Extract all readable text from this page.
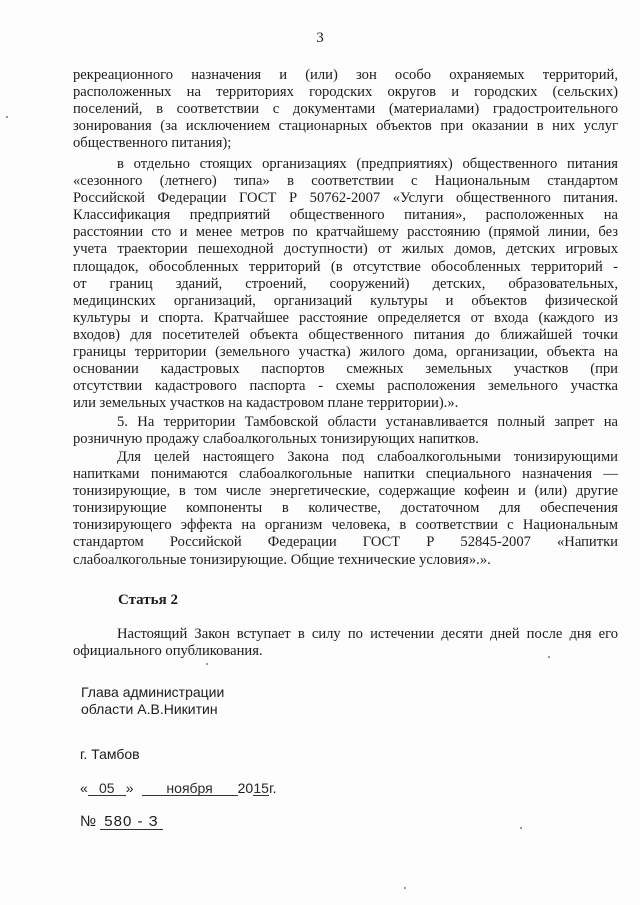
3
рекреационного назначения и (или) зон особо охраняемых территорий,
расположенных на территориях городских округов и городских (сельских)
поселений, в соответствии с документами (материалами) градостроительного
зонирования (за исключением стационарных объектов при оказании в них услуг
общественного питания);
в отдельно стоящих организациях (предприятиях) общественного питания
«сезонного (летнего) типа» в соответствии с Национальным стандартом
Российской Федерации ГОСТ Р 50762-2007 «Услуги общественного питания.
Классификация предприятий общественного питания», расположенных на
расстоянии сто и менее метров по кратчайшему расстоянию (прямой линии, без
учета траектории пешеходной доступности) от жилых домов, детских игровых
площадок, обособленных территорий (в отсутствие обособленных территорий -
от границ зданий, строений, сооружений) детских, образовательных,
медицинских организаций, организаций культуры и объектов физической
культуры и спорта. Кратчайшее расстояние определяется от входа (каждого из
входов) для посетителей объекта общественного питания до ближайшей точки
границы территории (земельного участка) жилого дома, организации, объекта на
основании кадастровых паспортов смежных земельных участков (при
отсутствии кадастрового паспорта - схемы расположения земельного участка
или земельных участков на кадастровом плане территории).».
5. На территории Тамбовской области устанавливается полный запрет на
розничную продажу слабоалкогольных тонизирующих напитков.
Для целей настоящего Закона под слабоалкогольными тонизирующими
напитками понимаются слабоалкогольные напитки специального назначения —
тонизирующие, в том числе энергетические, содержащие кофеин и (или) другие
тонизирующие компоненты в количестве, достаточном для обеспечения
тонизирующего эффекта на организм человека, в соответствии с Национальным
стандартом Российской Федерации ГОСТ Р 52845-2007 «Напитки
слабоалкогольные тонизирующие. Общие технические условия».».
Статья 2
Настоящий Закон вступает в силу по истечении десяти дней после дня его
официального опубликования.
Глава администрации
области А.В.Никитин
г. Тамбов
« 05 » ноября 2015г.
№ 580 - З
